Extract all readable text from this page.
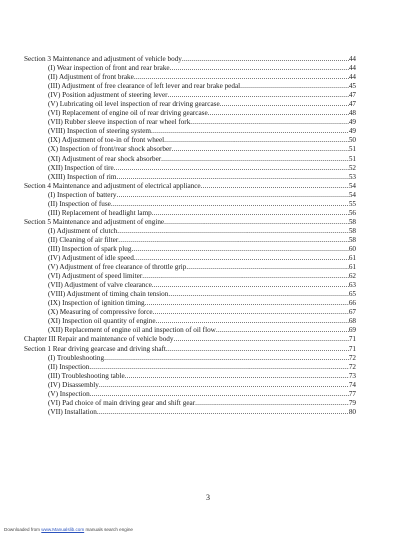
Section 3 Maintenance and adjustment of vehicle body .....	44
(I) Wear inspection of front and rear brake .....	44
(II) Adjustment of front brake .....	44
(III) Adjustment of free clearance of left lever and rear brake pedal .....	45
(IV) Position adjustment of steering lever .....	47
(V) Lubricating oil level inspection of rear driving gearcase .....	47
(VI) Replacement of engine oil of rear driving gearcase .....	48
(VII) Rubber sleeve inspection of rear wheel fork .....	49
(VIII) Inspection of steering system .....	49
(IX) Adjustment of toe-in of front wheel .....	50
(X) Inspection of front/rear shock absorber .....	51
(XI) Adjustment of rear shock absorber .....	51
(XII) Inspection of tire .....	52
(XIII) Inspection of rim .....	53
Section 4 Maintenance and adjustment of electrical appliance .....	54
(I) Inspection of battery .....	54
(II) Inspection of fuse .....	55
(III) Replacement of headlight lamp .....	56
Section 5 Maintenance and adjustment of engine .....	58
(I) Adjustment of clutch .....	58
(II) Cleaning of air filter .....	58
(III) Inspection of spark plug .....	60
(IV) Adjustment of idle speed .....	61
(V) Adjustment of free clearance of throttle grip .....	61
(VI) Adjustment of speed limiter .....	62
(VII) Adjustment of valve clearance .....	63
(VIII) Adjustment of timing chain tension .....	65
(IX) Inspection of ignition timing .....	66
(X) Measuring of compressive force .....	67
(XI) Inspection oil quantity of engine .....	68
(XII) Replacement of engine oil and inspection of oil flow .....	69
Chapter III Repair and maintenance of vehicle body .....	71
Section 1 Rear driving gearcase and driving shaft .....	71
(I) Troubleshooting .....	72
(II) Inspection .....	72
(III) Troubleshooting table .....	73
(IV) Disassembly .....	74
(V) Inspection .....	77
(VI) Pad choice of main driving gear and shift gear .....	79
(VII) Installation .....	80
3
Downloaded from www.Manualslib.com manuals search engine
